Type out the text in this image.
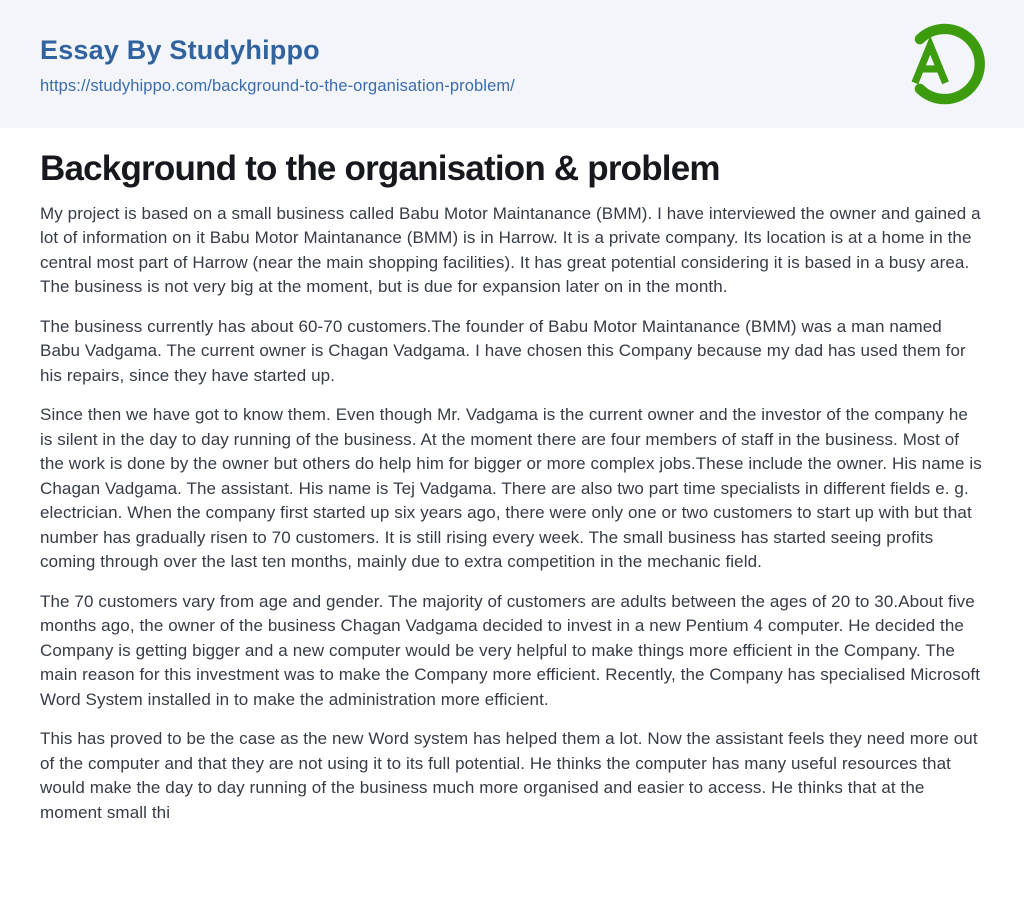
Essay By Studyhippo
https://studyhippo.com/background-to-the-organisation-problem/
Background to the organisation & problem

My project is based on a small business called Babu Motor Maintanance (BMM). I have interviewed the owner and gained a lot of information on it Babu Motor Maintanance (BMM) is in Harrow. It is a private company. Its location is at a home in the central most part of Harrow (near the main shopping facilities). It has great potential considering it is based in a busy area. The business is not very big at the moment, but is due for expansion later on in the month.

The business currently has about 60-70 customers.The founder of Babu Motor Maintanance (BMM) was a man named Babu Vadgama. The current owner is Chagan Vadgama. I have chosen this Company because my dad has used them for his repairs, since they have started up.

Since then we have got to know them. Even though Mr. Vadgama is the current owner and the investor of the company he is silent in the day to day running of the business. At the moment there are four members of staff in the business. Most of the work is done by the owner but others do help him for bigger or more complex jobs.These include the owner. His name is Chagan Vadgama. The assistant. His name is Tej Vadgama. There are also two part time specialists in different fields e. g. electrician. When the company first started up six years ago, there were only one or two customers to start up with but that number has gradually risen to 70 customers. It is still rising every week. The small business has started seeing profits coming through over the last ten months, mainly due to extra competition in the mechanic field.

The 70 customers vary from age and gender. The majority of customers are adults between the ages of 20 to 30.About five months ago, the owner of the business Chagan Vadgama decided to invest in a new Pentium 4 computer. He decided the Company is getting bigger and a new computer would be very helpful to make things more efficient in the Company. The main reason for this investment was to make the Company more efficient. Recently, the Company has specialised Microsoft Word System installed in to make the administration more efficient.

This has proved to be the case as the new Word system has helped them a lot. Now the assistant feels they need more out of the computer and that they are not using it to its full potential. He thinks the computer has many useful resources that would make the day to day running of the business much more organised and easier to access. He thinks that at the moment small thi
